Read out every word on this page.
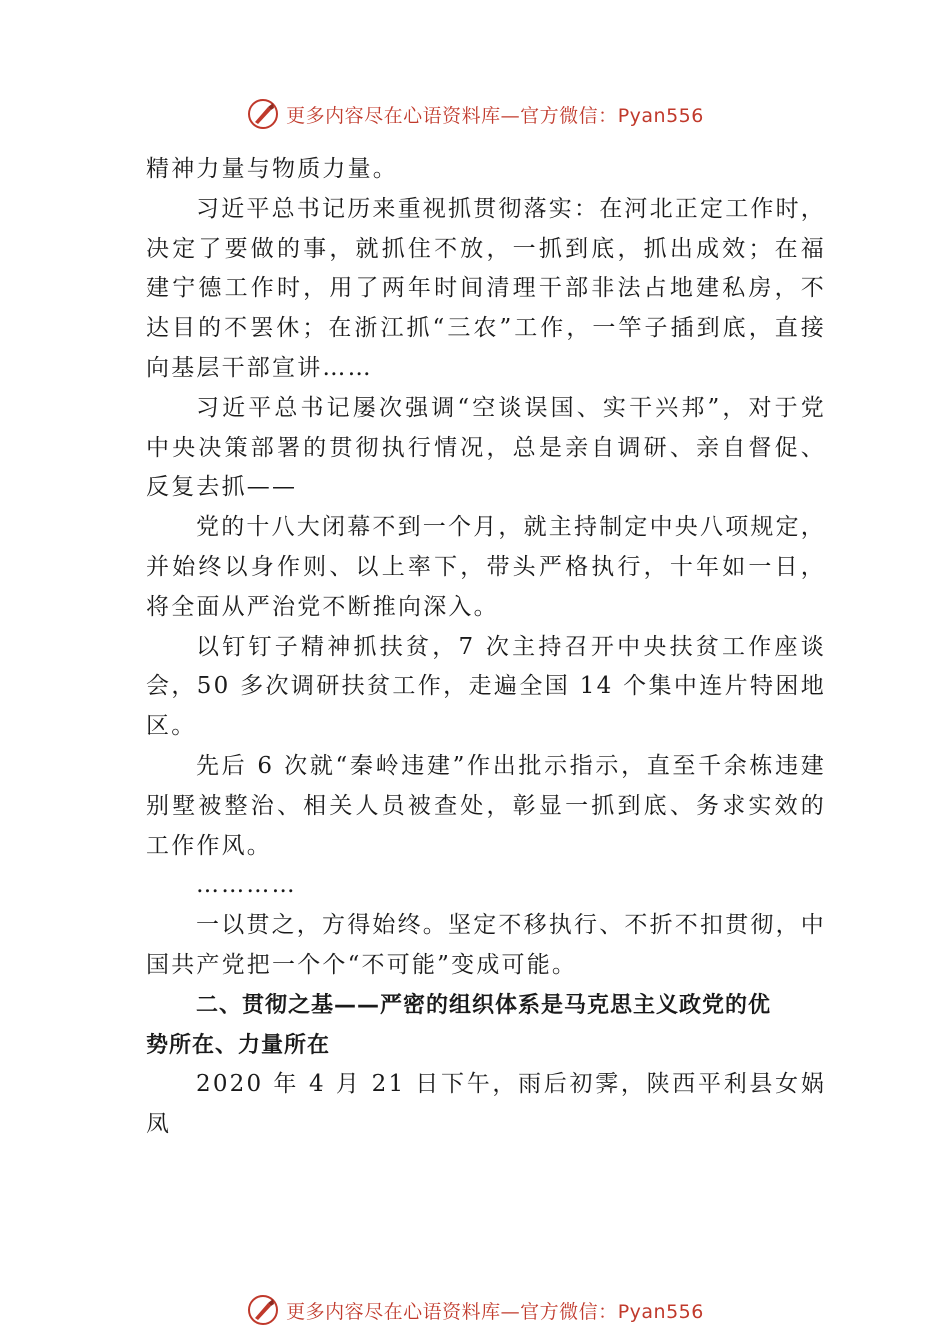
更多内容尽在心语资料库—官方微信：Pyan556

精神力量与物质力量。

习近平总书记历来重视抓贯彻落实：在河北正定工作时，决定了要做的事，就抓住不放，一抓到底，抓出成效；在福建宁德工作时，用了两年时间清理干部非法占地建私房，不达目的不罢休；在浙江抓“三农”工作，一竿子插到底，直接向基层干部宣讲……

习近平总书记屡次强调“空谈误国、实干兴邦”，对于党中央决策部署的贯彻执行情况，总是亲自调研、亲自督促、 反复去抓——

党的十八大闭幕不到一个月，就主持制定中央八项规定，并始终以身作则、以上率下，带头严格执行，十年如一日，将全面从严治党不断推向深入。

以钉钉子精神抓扶贫，7 次主持召开中央扶贫工作座谈会，50 多次调研扶贫工作，走遍全国 14 个集中连片特困地区。

先后 6 次就“秦岭违建”作出批示指示，直至千余栋违建别墅被整治、相关人员被查处，彰显一抓到底、务求实效的工作作风。

…………

一以贯之，方得始终。坚定不移执行、不折不扣贯彻，中国共产党把一个个“不可能”变成可能。

二、贯彻之基——严密的组织体系是马克思主义政党的优势所在、力量所在

2020 年 4 月 21 日下午，雨后初霁，陕西平利县女娲凤

更多内容尽在心语资料库—官方微信：Pyan556
